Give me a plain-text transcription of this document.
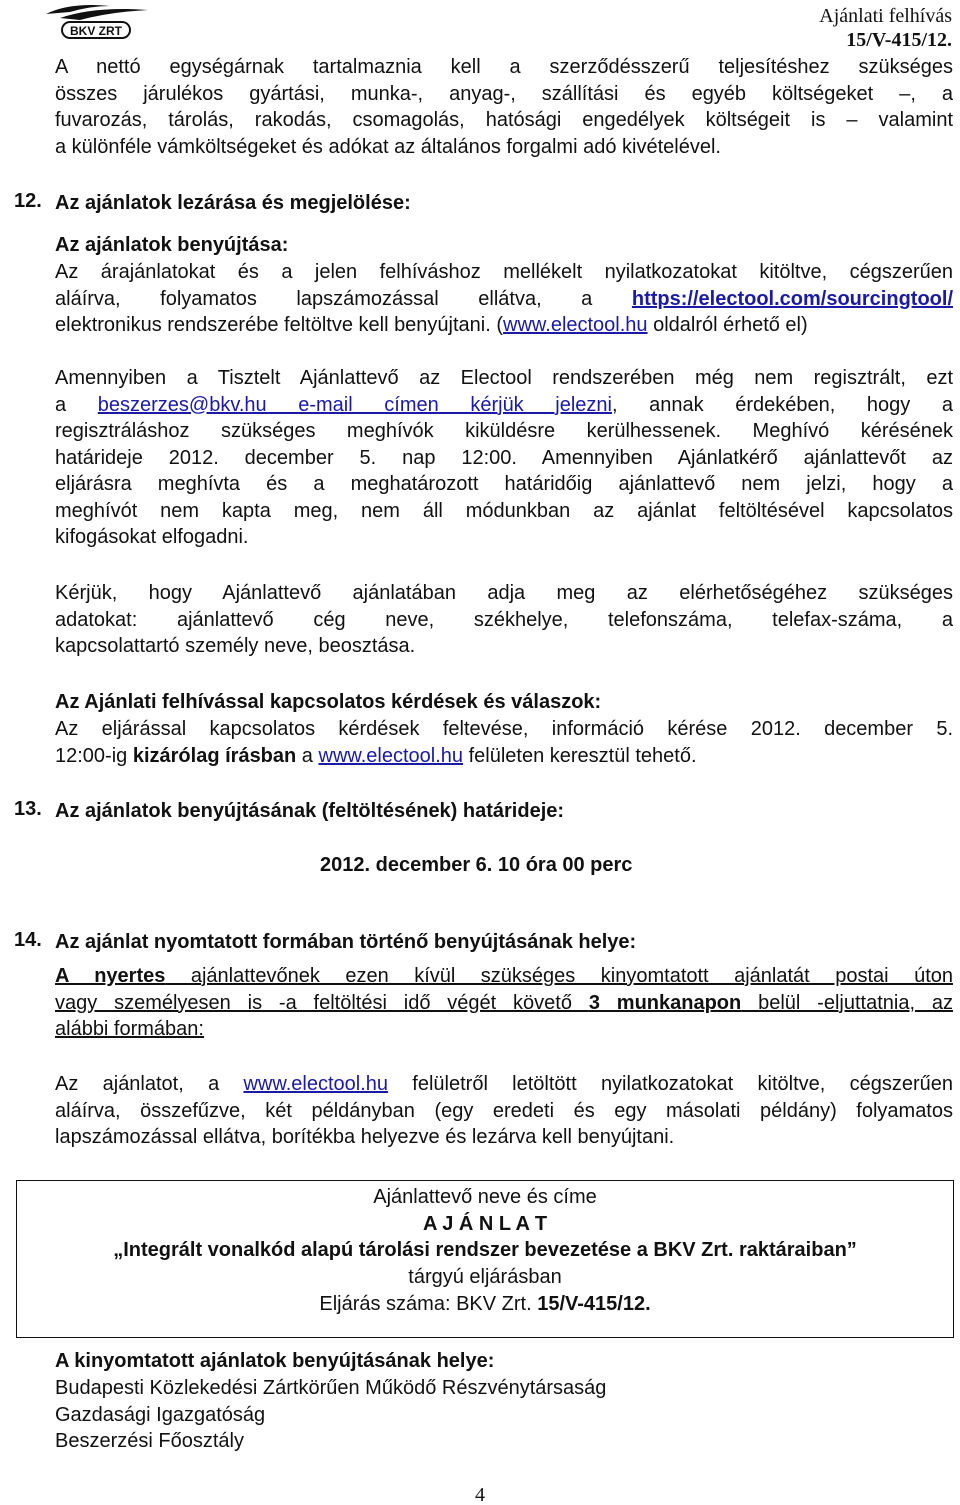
BKV ZRT
Ajánlati felhívás
15/V-415/12.
A nettó egységárnak tartalmaznia kell a szerződésszerű teljesítéshez szükséges
összes járulékos gyártási, munka-, anyag-, szállítási és egyéb költségeket –, a
fuvarozás, tárolás, rakodás, csomagolás, hatósági engedélyek költségeit is – valamint
a különféle vámköltségeket és adókat az általános forgalmi adó kivételével.
12. Az ajánlatok lezárása és megjelölése:
Az ajánlatok benyújtása:
Az árajánlatokat és a jelen felhíváshoz mellékelt nyilatkozatokat kitöltve, cégszerűen
aláírva, folyamatos lapszámozással ellátva, a https://electool.com/sourcingtool/
elektronikus rendszerébe feltöltve kell benyújtani. (www.electool.hu oldalról érhető el)
Amennyiben a Tisztelt Ajánlattevő az Electool rendszerében még nem regisztrált, ezt
a beszerzes@bkv.hu e-mail címen kérjük jelezni, annak érdekében, hogy a
regisztráláshoz szükséges meghívók kiküldésre kerülhessenek. Meghívó kérésének
határideje 2012. december 5. nap 12:00. Amennyiben Ajánlatkérő ajánlattevőt az
eljárásra meghívta és a meghatározott határidőig ajánlattevő nem jelzi, hogy a
meghívót nem kapta meg, nem áll módunkban az ajánlat feltöltésével kapcsolatos
kifogásokat elfogadni.
Kérjük, hogy Ajánlattevő ajánlatában adja meg az elérhetőségéhez szükséges
adatokat: ajánlattevő cég neve, székhelye, telefonszáma, telefax-száma, a
kapcsolattartó személy neve, beosztása.
Az Ajánlati felhívással kapcsolatos kérdések és válaszok:
Az eljárással kapcsolatos kérdések feltevése, információ kérése 2012. december 5.
12:00-ig kizárólag írásban a www.electool.hu felületen keresztül tehető.
13. Az ajánlatok benyújtásának (feltöltésének) határideje:
2012. december 6. 10 óra 00 perc
14. Az ajánlat nyomtatott formában történő benyújtásának helye:
A nyertes ajánlattevőnek ezen kívül szükséges kinyomtatott ajánlatát postai úton
vagy személyesen is -a feltöltési idő végét követő 3 munkanapon belül -eljuttatnia, az
alábbi formában:
Az ajánlatot, a www.electool.hu felületről letöltött nyilatkozatokat kitöltve, cégszerűen
aláírva, összefűzve, két példányban (egy eredeti és egy másolati példány) folyamatos
lapszámozással ellátva, borítékba helyezve és lezárva kell benyújtani.
Ajánlattevő neve és címe
A J Á N L A T
„Integrált vonalkód alapú tárolási rendszer bevezetése a BKV Zrt. raktáraiban”
tárgyú eljárásban
Eljárás száma: BKV Zrt. 15/V-415/12.
A kinyomtatott ajánlatok benyújtásának helye:
Budapesti Közlekedési Zártkörűen Működő Részvénytársaság
Gazdasági Igazgatóság
Beszerzési Főosztály
4
